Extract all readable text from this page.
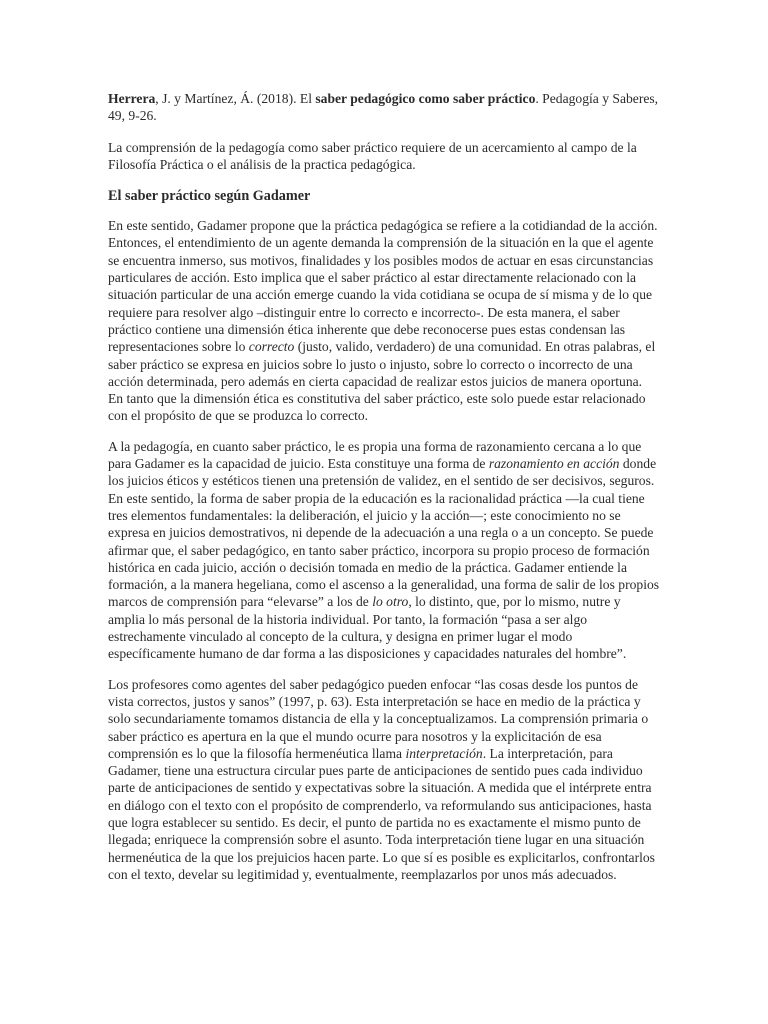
Herrera, J. y Martínez, Á. (2018). El saber pedagógico como saber práctico. Pedagogía y Saberes, 49, 9-26.

La comprensión de la pedagogía como saber práctico requiere de un acercamiento al campo de la Filosofía Práctica o el análisis de la practica pedagógica.

El saber práctico según Gadamer

En este sentido, Gadamer propone que la práctica pedagógica se refiere a la cotidiandad de la acción. Entonces, el entendimiento de un agente demanda la comprensión de la situación en la que el agente se encuentra inmerso, sus motivos, finalidades y los posibles modos de actuar en esas circunstancias particulares de acción. Esto implica que el saber práctico al estar directamente relacionado con la situación particular de una acción emerge cuando la vida cotidiana se ocupa de sí misma y de lo que requiere para resolver algo –distinguir entre lo correcto e incorrecto-. De esta manera, el saber práctico contiene una dimensión ética inherente que debe reconocerse pues estas condensan las representaciones sobre lo correcto (justo, valido, verdadero) de una comunidad. En otras palabras, el saber práctico se expresa en juicios sobre lo justo o injusto, sobre lo correcto o incorrecto de una acción determinada, pero además en cierta capacidad de realizar estos juicios de manera oportuna. En tanto que la dimensión ética es constitutiva del saber práctico, este solo puede estar relacionado con el propósito de que se produzca lo correcto.

A la pedagogía, en cuanto saber práctico, le es propia una forma de razonamiento cercana a lo que para Gadamer es la capacidad de juicio. Esta constituye una forma de razonamiento en acción donde los juicios éticos y estéticos tienen una pretensión de validez, en el sentido de ser decisivos, seguros. En este sentido, la forma de saber propia de la educación es la racionalidad práctica —la cual tiene tres elementos fundamentales: la deliberación, el juicio y la acción—; este conocimiento no se expresa en juicios demostrativos, ni depende de la adecuación a una regla o a un concepto. Se puede afirmar que, el saber pedagógico, en tanto saber práctico, incorpora su propio proceso de formación histórica en cada juicio, acción o decisión tomada en medio de la práctica. Gadamer entiende la formación, a la manera hegeliana, como el ascenso a la generalidad, una forma de salir de los propios marcos de comprensión para “elevarse” a los de lo otro, lo distinto, que, por lo mismo, nutre y amplia lo más personal de la historia individual. Por tanto, la formación “pasa a ser algo estrechamente vinculado al concepto de la cultura, y designa en primer lugar el modo específicamente humano de dar forma a las disposiciones y capacidades naturales del hombre”.

Los profesores como agentes del saber pedagógico pueden enfocar “las cosas desde los puntos de vista correctos, justos y sanos” (1997, p. 63). Esta interpretación se hace en medio de la práctica y solo secundariamente tomamos distancia de ella y la conceptualizamos. La comprensión primaria o saber práctico es apertura en la que el mundo ocurre para nosotros y la explicitación de esa comprensión es lo que la filosofía hermenéutica llama interpretación. La interpretación, para Gadamer, tiene una estructura circular pues parte de anticipaciones de sentido pues cada individuo parte de anticipaciones de sentido y expectativas sobre la situación. A medida que el intérprete entra en diálogo con el texto con el propósito de comprenderlo, va reformulando sus anticipaciones, hasta que logra establecer su sentido. Es decir, el punto de partida no es exactamente el mismo punto de llegada; enriquece la comprensión sobre el asunto. Toda interpretación tiene lugar en una situación hermenéutica de la que los prejuicios hacen parte. Lo que sí es posible es explicitarlos, confrontarlos con el texto, develar su legitimidad y, eventualmente, reemplazarlos por unos más adecuados.
